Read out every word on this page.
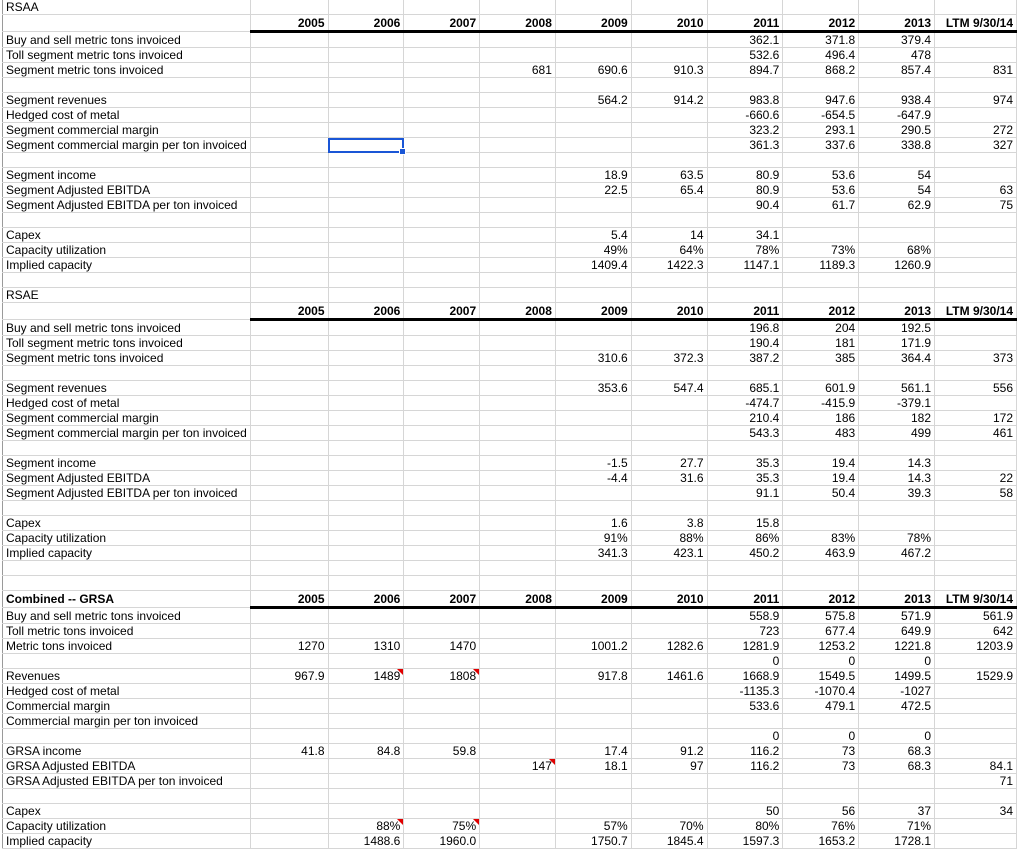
RSAA										
	2005	2006	2007	2008	2009	2010	2011	2012	2013	LTM 9/30/14
Buy and sell metric tons invoiced							362.1	371.8	379.4	
Toll segment metric tons invoiced							532.6	496.4	478	
Segment metric tons invoiced				681	690.6	910.3	894.7	868.2	857.4	831

Segment revenues					564.2	914.2	983.8	947.6	938.4	974
Hedged cost of metal							-660.6	-654.5	-647.9	
Segment commercial margin							323.2	293.1	290.5	272
Segment commercial margin per ton invoiced							361.3	337.6	338.8	327

Segment income					18.9	63.5	80.9	53.6	54	
Segment Adjusted EBITDA					22.5	65.4	80.9	53.6	54	63
Segment Adjusted EBITDA per ton invoiced							90.4	61.7	62.9	75

Capex					5.4	14	34.1			
Capacity utilization					49%	64%	78%	73%	68%	
Implied capacity					1409.4	1422.3	1147.1	1189.3	1260.9	

RSAE										
	2005	2006	2007	2008	2009	2010	2011	2012	2013	LTM 9/30/14
Buy and sell metric tons invoiced							196.8	204	192.5	
Toll segment metric tons invoiced							190.4	181	171.9	
Segment metric tons invoiced					310.6	372.3	387.2	385	364.4	373

Segment revenues					353.6	547.4	685.1	601.9	561.1	556
Hedged cost of metal							-474.7	-415.9	-379.1	
Segment commercial margin							210.4	186	182	172
Segment commercial margin per ton invoiced							543.3	483	499	461

Segment income					-1.5	27.7	35.3	19.4	14.3	
Segment Adjusted EBITDA					-4.4	31.6	35.3	19.4	14.3	22
Segment Adjusted EBITDA per ton invoiced							91.1	50.4	39.3	58

Capex					1.6	3.8	15.8			
Capacity utilization					91%	88%	86%	83%	78%	
Implied capacity					341.3	423.1	450.2	463.9	467.2	

Combined -- GRSA	2005	2006	2007	2008	2009	2010	2011	2012	2013	LTM 9/30/14
Buy and sell metric tons invoiced							558.9	575.8	571.9	561.9
Toll metric tons invoiced							723	677.4	649.9	642
Metric tons invoiced	1270	1310	1470		1001.2	1282.6	1281.9	1253.2	1221.8	1203.9
							0	0	0	
Revenues	967.9	1489	1808		917.8	1461.6	1668.9	1549.5	1499.5	1529.9
Hedged cost of metal							-1135.3	-1070.4	-1027	
Commercial margin							533.6	479.1	472.5	
Commercial margin per ton invoiced										
							0	0	0	
GRSA income	41.8	84.8	59.8		17.4	91.2	116.2	73	68.3	
GRSA Adjusted EBITDA				147	18.1	97	116.2	73	68.3	84.1
GRSA Adjusted EBITDA per ton invoiced										71

Capex							50	56	37	34
Capacity utilization		88%	75%		57%	70%	80%	76%	71%	
Implied capacity		1488.6	1960.0		1750.7	1845.4	1597.3	1653.2	1728.1	
